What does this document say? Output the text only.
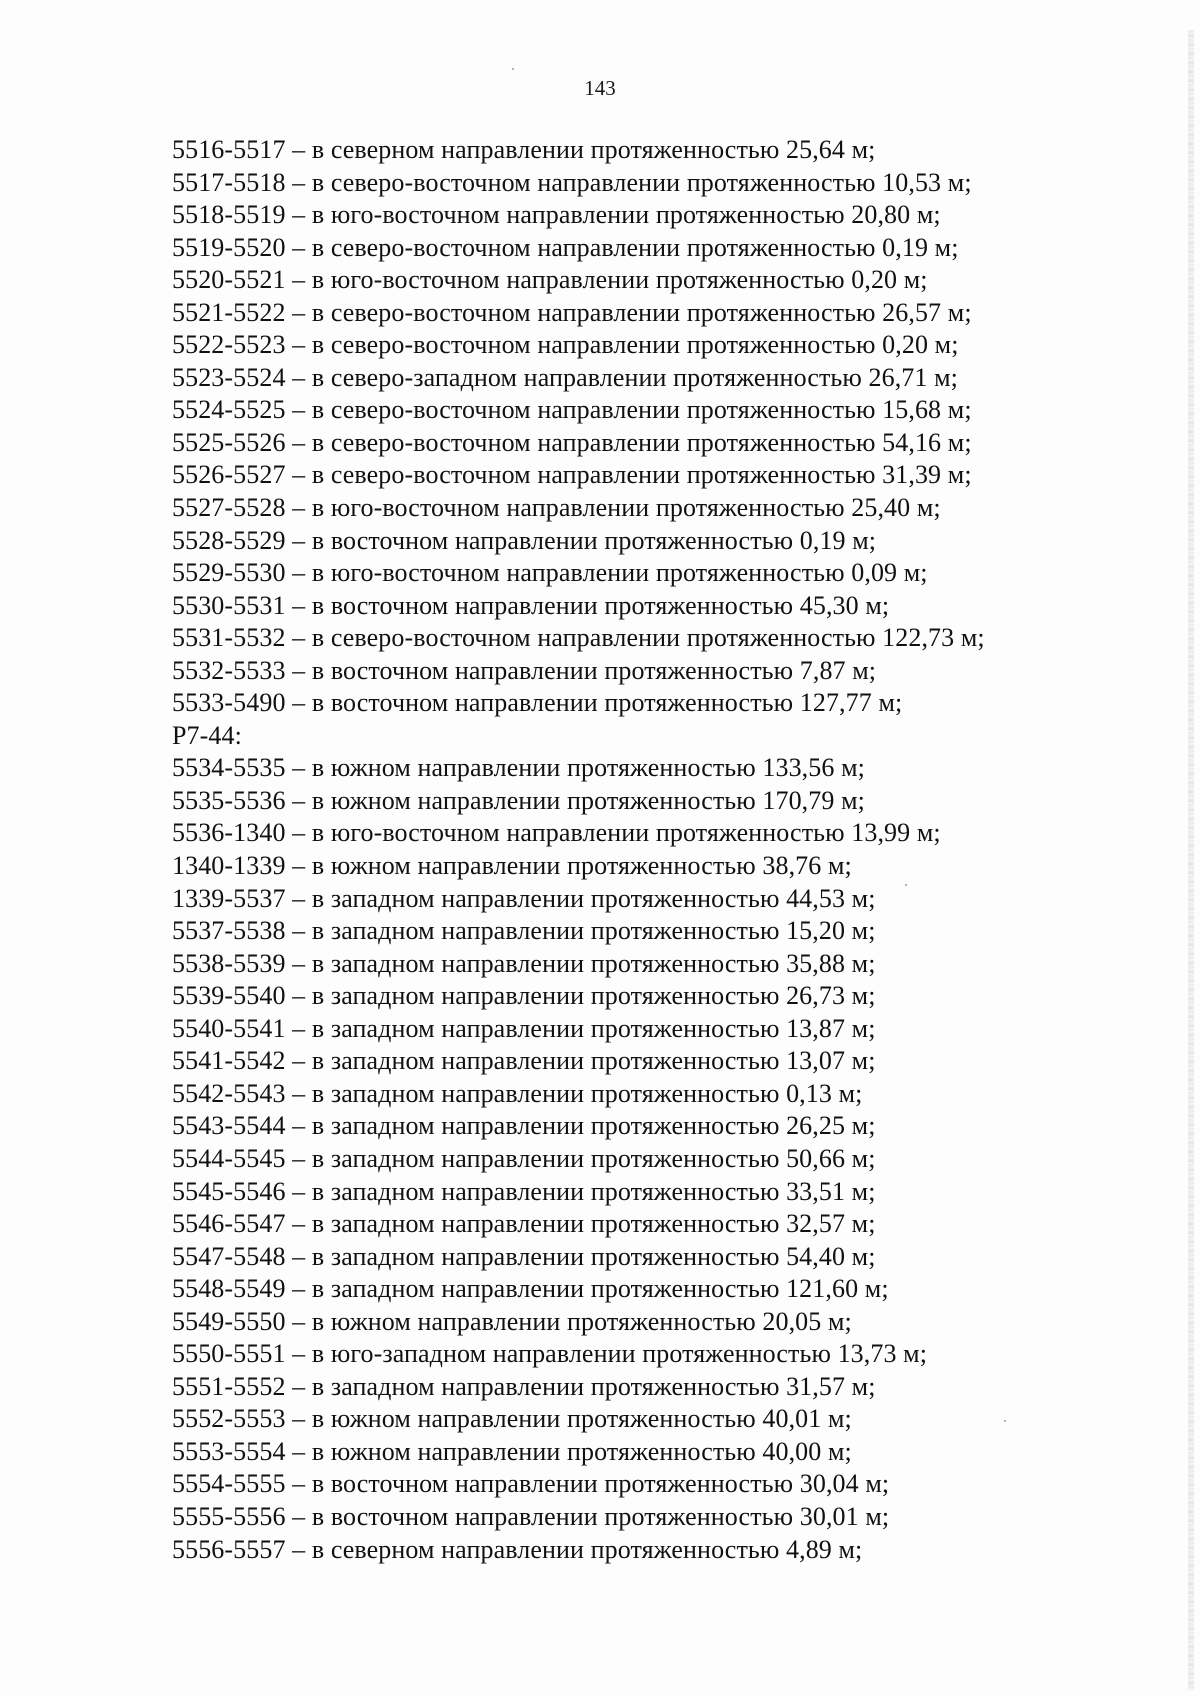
143
5516-5517 – в северном направлении протяженностью 25,64 м;
5517-5518 – в северо-восточном направлении протяженностью 10,53 м;
5518-5519 – в юго-восточном направлении протяженностью 20,80 м;
5519-5520 – в северо-восточном направлении протяженностью 0,19 м;
5520-5521 – в юго-восточном направлении протяженностью 0,20 м;
5521-5522 – в северо-восточном направлении протяженностью 26,57 м;
5522-5523 – в северо-восточном направлении протяженностью 0,20 м;
5523-5524 – в северо-западном направлении протяженностью 26,71 м;
5524-5525 – в северо-восточном направлении протяженностью 15,68 м;
5525-5526 – в северо-восточном направлении протяженностью 54,16 м;
5526-5527 – в северо-восточном направлении протяженностью 31,39 м;
5527-5528 – в юго-восточном направлении протяженностью 25,40 м;
5528-5529 – в восточном направлении протяженностью 0,19 м;
5529-5530 – в юго-восточном направлении протяженностью 0,09 м;
5530-5531 – в восточном направлении протяженностью 45,30 м;
5531-5532 – в северо-восточном направлении протяженностью 122,73 м;
5532-5533 – в восточном направлении протяженностью 7,87 м;
5533-5490 – в восточном направлении протяженностью 127,77 м;
Р7-44:
5534-5535 – в южном направлении протяженностью 133,56 м;
5535-5536 – в южном направлении протяженностью 170,79 м;
5536-1340 – в юго-восточном направлении протяженностью 13,99 м;
1340-1339 – в южном направлении протяженностью 38,76 м;
1339-5537 – в западном направлении протяженностью 44,53 м;
5537-5538 – в западном направлении протяженностью 15,20 м;
5538-5539 – в западном направлении протяженностью 35,88 м;
5539-5540 – в западном направлении протяженностью 26,73 м;
5540-5541 – в западном направлении протяженностью 13,87 м;
5541-5542 – в западном направлении протяженностью 13,07 м;
5542-5543 – в западном направлении протяженностью 0,13 м;
5543-5544 – в западном направлении протяженностью 26,25 м;
5544-5545 – в западном направлении протяженностью 50,66 м;
5545-5546 – в западном направлении протяженностью 33,51 м;
5546-5547 – в западном направлении протяженностью 32,57 м;
5547-5548 – в западном направлении протяженностью 54,40 м;
5548-5549 – в западном направлении протяженностью 121,60 м;
5549-5550 – в южном направлении протяженностью 20,05 м;
5550-5551 – в юго-западном направлении протяженностью 13,73 м;
5551-5552 – в западном направлении протяженностью 31,57 м;
5552-5553 – в южном направлении протяженностью 40,01 м;
5553-5554 – в южном направлении протяженностью 40,00 м;
5554-5555 – в восточном направлении протяженностью 30,04 м;
5555-5556 – в восточном направлении протяженностью 30,01 м;
5556-5557 – в северном направлении протяженностью 4,89 м;
